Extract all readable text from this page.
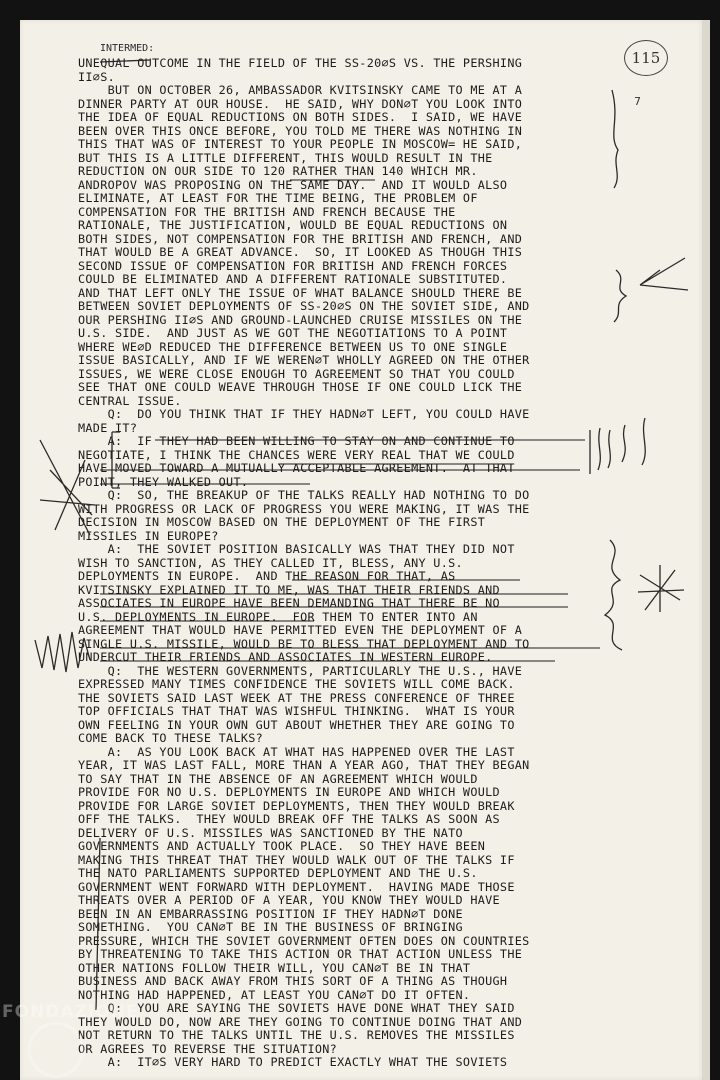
UNEQUAL OUTCOME IN THE FIELD OF THE SS-20⌀S VS. THE PERSHING
II⌀S.
BUT ON OCTOBER 26, AMBASSADOR KVITSINSKY CAME TO ME AT A
DINNER PARTY AT OUR HOUSE.  HE SAID, WHY DON⌀T YOU LOOK INTO
THE IDEA OF EQUAL REDUCTIONS ON BOTH SIDES.  I SAID, WE HAVE
BEEN OVER THIS ONCE BEFORE, YOU TOLD ME THERE WAS NOTHING IN
THIS THAT WAS OF INTEREST TO YOUR PEOPLE IN MOSCOW= HE SAID,
BUT THIS IS A LITTLE DIFFERENT, THIS WOULD RESULT IN THE
REDUCTION ON OUR SIDE TO 120 RATHER THAN 140 WHICH MR.
ANDROPOV WAS PROPOSING ON THE SAME DAY.  AND IT WOULD ALSO
ELIMINATE, AT LEAST FOR THE TIME BEING, THE PROBLEM OF
COMPENSATION FOR THE BRITISH AND FRENCH BECAUSE THE
RATIONALE, THE JUSTIFICATION, WOULD BE EQUAL REDUCTIONS ON
BOTH SIDES, NOT COMPENSATION FOR THE BRITISH AND FRENCH, AND
THAT WOULD BE A GREAT ADVANCE.  SO, IT LOOKED AS THOUGH THIS
SECOND ISSUE OF COMPENSATION FOR BRITISH AND FRENCH FORCES
COULD BE ELIMINATED AND A DIFFERENT RATIONALE SUBSTITUTED.
AND THAT LEFT ONLY THE ISSUE OF WHAT BALANCE SHOULD THERE BE
BETWEEN SOVIET DEPLOYMENTS OF SS-20⌀S ON THE SOVIET SIDE, AND
OUR PERSHING II⌀S AND GROUND-LAUNCHED CRUISE MISSILES ON THE
U.S. SIDE.  AND JUST AS WE GOT THE NEGOTIATIONS TO A POINT
WHERE WE⌀D REDUCED THE DIFFERENCE BETWEEN US TO ONE SINGLE
ISSUE BASICALLY, AND IF WE WEREN⌀T WHOLLY AGREED ON THE OTHER
ISSUES, WE WERE CLOSE ENOUGH TO AGREEMENT SO THAT YOU COULD
SEE THAT ONE COULD WEAVE THROUGH THOSE IF ONE COULD LICK THE
CENTRAL ISSUE.
Q:  DO YOU THINK THAT IF THEY HADN⌀T LEFT, YOU COULD HAVE
MADE IT?
A:  IF THEY HAD BEEN WILLING TO STAY ON AND CONTINUE TO
NEGOTIATE, I THINK THE CHANCES WERE VERY REAL THAT WE COULD
HAVE MOVED TOWARD A MUTUALLY ACCEPTABLE AGREEMENT.  AT THAT
POINT, THEY WALKED OUT.
Q:  SO, THE BREAKUP OF THE TALKS REALLY HAD NOTHING TO DO
WITH PROGRESS OR LACK OF PROGRESS YOU WERE MAKING, IT WAS THE
DECISION IN MOSCOW BASED ON THE DEPLOYMENT OF THE FIRST
MISSILES IN EUROPE?
A:  THE SOVIET POSITION BASICALLY WAS THAT THEY DID NOT
WISH TO SANCTION, AS THEY CALLED IT, BLESS, ANY U.S.
DEPLOYMENTS IN EUROPE.  AND THE REASON FOR THAT, AS
KVITSINSKY EXPLAINED IT TO ME, WAS THAT THEIR FRIENDS AND
ASSOCIATES IN EUROPE HAVE BEEN DEMANDING THAT THERE BE NO
U.S. DEPLOYMENTS IN EUROPE.  FOR THEM TO ENTER INTO AN
AGREEMENT THAT WOULD HAVE PERMITTED EVEN THE DEPLOYMENT OF A
SINGLE U.S. MISSILE, WOULD BE TO BLESS THAT DEPLOYMENT AND TO
UNDERCUT THEIR FRIENDS AND ASSOCIATES IN WESTERN EUROPE.
Q:  THE WESTERN GOVERNMENTS, PARTICULARLY THE U.S., HAVE
EXPRESSED MANY TIMES CONFIDENCE THE SOVIETS WILL COME BACK.
THE SOVIETS SAID LAST WEEK AT THE PRESS CONFERENCE OF THREE
TOP OFFICIALS THAT THAT WAS WISHFUL THINKING.  WHAT IS YOUR
OWN FEELING IN YOUR OWN GUT ABOUT WHETHER THEY ARE GOING TO
COME BACK TO THESE TALKS?
A:  AS YOU LOOK BACK AT WHAT HAS HAPPENED OVER THE LAST
YEAR, IT WAS LAST FALL, MORE THAN A YEAR AGO, THAT THEY BEGAN
TO SAY THAT IN THE ABSENCE OF AN AGREEMENT WHICH WOULD
PROVIDE FOR NO U.S. DEPLOYMENTS IN EUROPE AND WHICH WOULD
PROVIDE FOR LARGE SOVIET DEPLOYMENTS, THEN THEY WOULD BREAK
OFF THE TALKS.  THEY WOULD BREAK OFF THE TALKS AS SOON AS
DELIVERY OF U.S. MISSILES WAS SANCTIONED BY THE NATO
GOVERNMENTS AND ACTUALLY TOOK PLACE.  SO THEY HAVE BEEN
MAKING THIS THREAT THAT THEY WOULD WALK OUT OF THE TALKS IF
THE NATO PARLIAMENTS SUPPORTED DEPLOYMENT AND THE U.S.
GOVERNMENT WENT FORWARD WITH DEPLOYMENT.  HAVING MADE THOSE
THREATS OVER A PERIOD OF A YEAR, YOU KNOW THEY WOULD HAVE
BEEN IN AN EMBARRASSING POSITION IF THEY HADN⌀T DONE
SOMETHING.  YOU CAN⌀T BE IN THE BUSINESS OF BRINGING
PRESSURE, WHICH THE SOVIET GOVERNMENT OFTEN DOES ON COUNTRIES
BY THREATENING TO TAKE THIS ACTION OR THAT ACTION UNLESS THE
OTHER NATIONS FOLLOW THEIR WILL, YOU CAN⌀T BE IN THAT
BUSINESS AND BACK AWAY FROM THIS SORT OF A THING AS THOUGH
NOTHING HAD HAPPENED, AT LEAST YOU CAN⌀T DO IT OFTEN.
Q:  YOU ARE SAYING THE SOVIETS HAVE DONE WHAT THEY SAID
THEY WOULD DO, NOW ARE THEY GOING TO CONTINUE DOING THAT AND
NOT RETURN TO THE TALKS UNTIL THE U.S. REMOVES THE MISSILES
OR AGREES TO REVERSE THE SITUATION?
A:  IT⌀S VERY HARD TO PREDICT EXACTLY WHAT THE SOVIETS
INTERMED:
115
7
FONDAZIONE
